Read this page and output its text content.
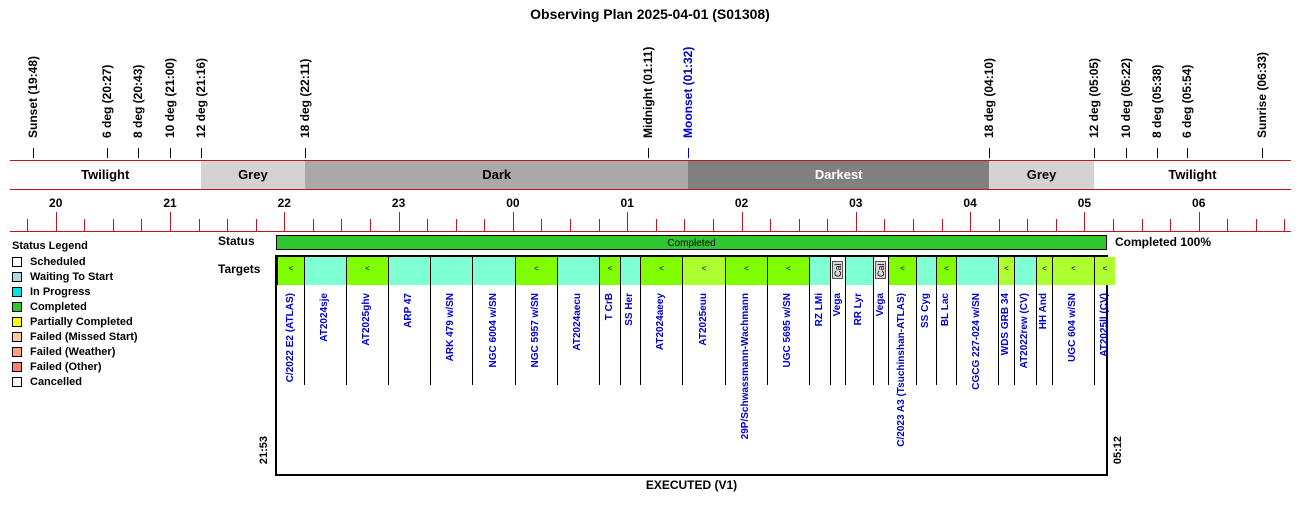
Observing Plan 2025-04-01 (S01308)
Sunset (19:48)	6 deg (20:27) 8 deg (20:43) 10 deg (21:00) 12 deg (21:16)	18 deg (22:11)	Midnight (01:11) Moonset (01:32)	18 deg (04:10)	12 deg (05:05) 10 deg (05:22) 8 deg (05:38) 6 deg (05:54)	Sunrise (06:33)
Twilight	Grey	Dark	Darkest	Grey	Twilight
20	21	22	23	00	01	02	03	04	05	06
Status Legend
Scheduled
Waiting To Start
In Progress
Completed
Partially Completed
Failed (Missed Start)
Failed (Weather)
Failed (Other)
Cancelled
Status	Completed	Completed 100%
Targets	<
C/2022 E2 (ATLAS) AT2024sje
<
AT2025ghv	ARP 47	ARK 479 w/SN	NGC 6004 w/SN
<
NGC 5957 w/SN	AT2024aecu
<
T CrB SS Her
<
AT2024aeey
<
AT2025euu
<
29P/Schwassmann-Wachmann
<
UGC 5695 w/SN RZ LMi
Cal
Vega RR Lyr
Cal
Vega
<
C/2023 A3 (Tsuchinshan-ATLAS) SS Cyg
<
BL Lac CGCG 227-024 w/SN
<
WDS GRB 34 AT2022rew (CV)
<
HH And
<
UGC 604 w/SN
<
AT2025ll (CV)
21:53	05:12
EXECUTED (V1)
